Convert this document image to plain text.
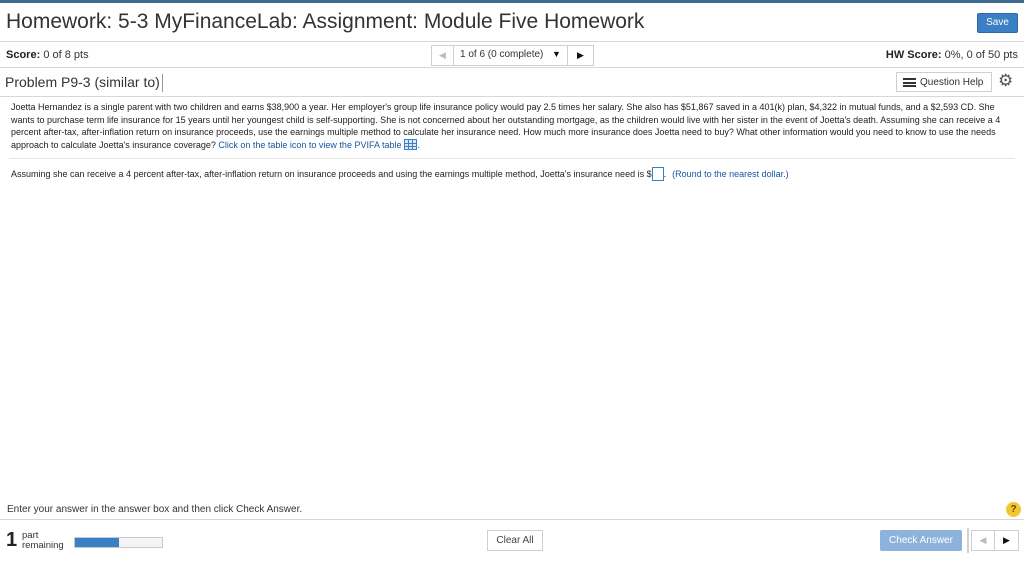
Homework: 5-3 MyFinanceLab: Assignment: Module Five Homework	Save
Score: 0 of 8 pts	◀	1 of 6 (0 complete) ▼	▶	HW Score: 0%, 0 of 50 pts
Problem P9-3 (similar to)	Question Help ⚙

Joetta Hernandez is a single parent with two children and earns $38,900 a year. Her employer's group life insurance policy would pay 2.5 times her salary. She also has $51,867 saved in a 401(k) plan, $4,322 in mutual funds, and a $2,593 CD. She wants to purchase term life insurance for 15 years until her youngest child is self-supporting. She is not concerned about her outstanding mortgage, as the children would live with her sister in the event of Joetta's death. Assuming she can receive a 4 percent after-tax, after-inflation return on insurance proceeds, use the earnings multiple method to calculate her insurance need. How much more insurance does Joetta need to buy? What other information would you need to know to use the needs approach to calculate Joetta's insurance coverage? Click on the table icon to view the PVIFA table .

Assuming she can receive a 4 percent after-tax, after-inflation return on insurance proceeds and using the earnings multiple method, Joetta's insurance need is $ . (Round to the nearest dollar.)
Enter your answer in the answer box and then click Check Answer.	?
1 part
remaining	Clear All	Check Answer	◀	▶
